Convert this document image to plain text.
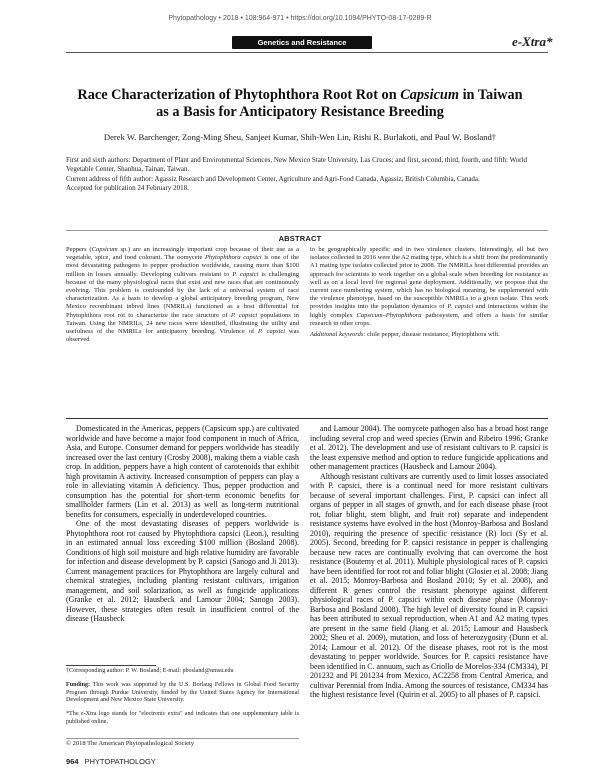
Phytopathology • 2018 • 108:964-971 • https://doi.org/10.1094/PHYTO-08-17-0289-R
Genetics and Resistance	e-Xtra*
Race Characterization of Phytophthora Root Rot on Capsicum in Taiwan as a Basis for Anticipatory Resistance Breeding
Derek W. Barchenger, Zong-Ming Sheu, Sanjeet Kumar, Shih-Wen Lin, Rishi R. Burlakoti, and Paul W. Bosland†
First and sixth authors: Department of Plant and Environmental Sciences, New Mexico State University, Las Cruces; and first, second, third, fourth, and fifth: World Vegetable Center, Shanhua, Tainan, Taiwan.
Current address of fifth author: Agassiz Research and Development Center, Agriculture and Agri-Food Canada, Agassiz, British Columbia, Canada.
Accepted for publication 24 February 2018.
ABSTRACT
Peppers (Capsicum sp.) are an increasingly important crop because of their use as a vegetable, spice, and food colorant. The oomycete Phytophthora capsici is one of the most devastating pathogens to pepper production worldwide, causing more than $100 million in losses annually. Developing cultivars resistant to P. capsici is challenging because of the many physiological races that exist and new races that are continuously evolving. This problem is confounded by the lack of a universal system of race characterization. As a basis to develop a global anticipatory breeding program, New Mexico recombinant inbred lines (NMRILs) functioned as a host differential for Phytophthora root rot to characterize the race structure of P. capsici populations in Taiwan. Using the NMRILs, 24 new races were identified, illustrating the utility and usefulness of the NMRILs for anticipatory breeding. Virulence of P. capsici was observed
to be geographically specific and in two virulence clusters. Interestingly, all but two isolates collected in 2016 were the A2 mating type, which is a shift from the predominantly A1 mating type isolates collected prior to 2008. The NMRILs host differential provides an approach for scientists to work together on a global scale when breeding for resistance as well as on a local level for regional gene deployment. Additionally, we propose that the current race numbering system, which has no biological meaning, be supplemented with the virulence phenotype, based on the susceptible NMRILs to a given isolate. This work provides insights into the population dynamics of P. capsici and interactions within the highly complex Capsicum–Phytophthora pathosystem, and offers a basis for similar research in other crops.
Additional keywords: chile pepper, disease resistance, Phytophthora wilt.

Domesticated in the Americas, peppers (Capsicum spp.) are cultivated worldwide and have become a major food component in much of Africa, Asia, and Europe. Consumer demand for peppers worldwide has steadily increased over the last century (Crosby 2008), making them a viable cash crop. In addition, peppers have a high content of carotenoids that exhibit high provitamin A activity. Increased consumption of peppers can play a role in alleviating vitamin A deficiency. Thus, pepper production and consumption has the potential for short-term economic benefits for smallholder farmers (Lin et al. 2013) as well as long-term nutritional benefits for consumers, especially in underdeveloped countries.

One of the most devastating diseases of peppers worldwide is Phytophthora root rot caused by Phytophthora capsici (Leon.), resulting in an estimated annual loss exceeding $100 million (Bosland 2008). Conditions of high soil moisture and high relative humidity are favorable for infection and disease development by P. capsici (Sanogo and Ji 2013). Current management practices for Phytophthora are largely cultural and chemical strategies, including planting resistant cultivars, irrigation management, and soil solarization, as well as fungicide applications (Granke et al. 2012; Hausbeck and Lamour 2004; Sanogo 2003). However, these strategies often result in insufficient control of the disease (Hausbeck

and Lamour 2004). The oomycete pathogen also has a broad host range including several crop and weed species (Erwin and Ribeiro 1996; Granke et al. 2012). The development and use of resistant cultivars to P. capsici is the least expensive method and option to reduce fungicide applications and other management practices (Hausbeck and Lamour 2004).

Although resistant cultivars are currently used to limit losses associated with P. capsici, there is a continual need for more resistant cultivars because of several important challenges. First, P. capsici can infect all organs of pepper in all stages of growth, and for each disease phase (root rot, foliar blight, stem blight, and fruit rot) separate and independent resistance systems have evolved in the host (Monroy-Barbosa and Bosland 2010), requiring the presence of specific resistance (R) loci (Sy et al. 2005). Second, breeding for P. capsici resistance in pepper is challenging because new races are continually evolving that can overcome the host resistance (Boutemy et al. 2011). Multiple physiological races of P. capsici have been identified for root rot and foliar blight (Glosier et al. 2008; Jiang et al. 2015; Monroy-Barbosa and Bosland 2010; Sy et al. 2008), and different R genes control the resistant phenotype against different physiological races of P. capsici within each disease phase (Monroy-Barbosa and Bosland 2008). The high level of diversity found in P. capsici has been attributed to sexual reproduction, when A1 and A2 mating types are present in the same field (Jiang et al. 2015; Lamour and Hausbeck 2002; Sheu et al. 2009), mutation, and loss of heterozygosity (Dunn et al. 2014; Lamour et al. 2012). Of the disease phases, root rot is the most devastating to pepper worldwide. Sources for P. capsici resistance have been identified in C. annuum, such as Criollo de Morelos-334 (CM334), PI 201232 and PI 201234 from Mexico, AC2258 from Central America, and cultivar Perennial from India. Among the sources of resistance, CM334 has the highest resistance level (Quirin et al. 2005) to all phases of P. capsici.

†Corresponding author: P. W. Bosland; E-mail: pbosland@nmsu.edu
Funding: This work was supported by the U.S. Borlaug Fellows in Global Food Security Program through Purdue University, funded by the United States Agency for International Development and New Mexico State University.
*The e-Xtra logo stands for "electronic extra" and indicates that one supplementary table is published online.
© 2018 The American Phytopathological Society
964 PHYTOPATHOLOGY
